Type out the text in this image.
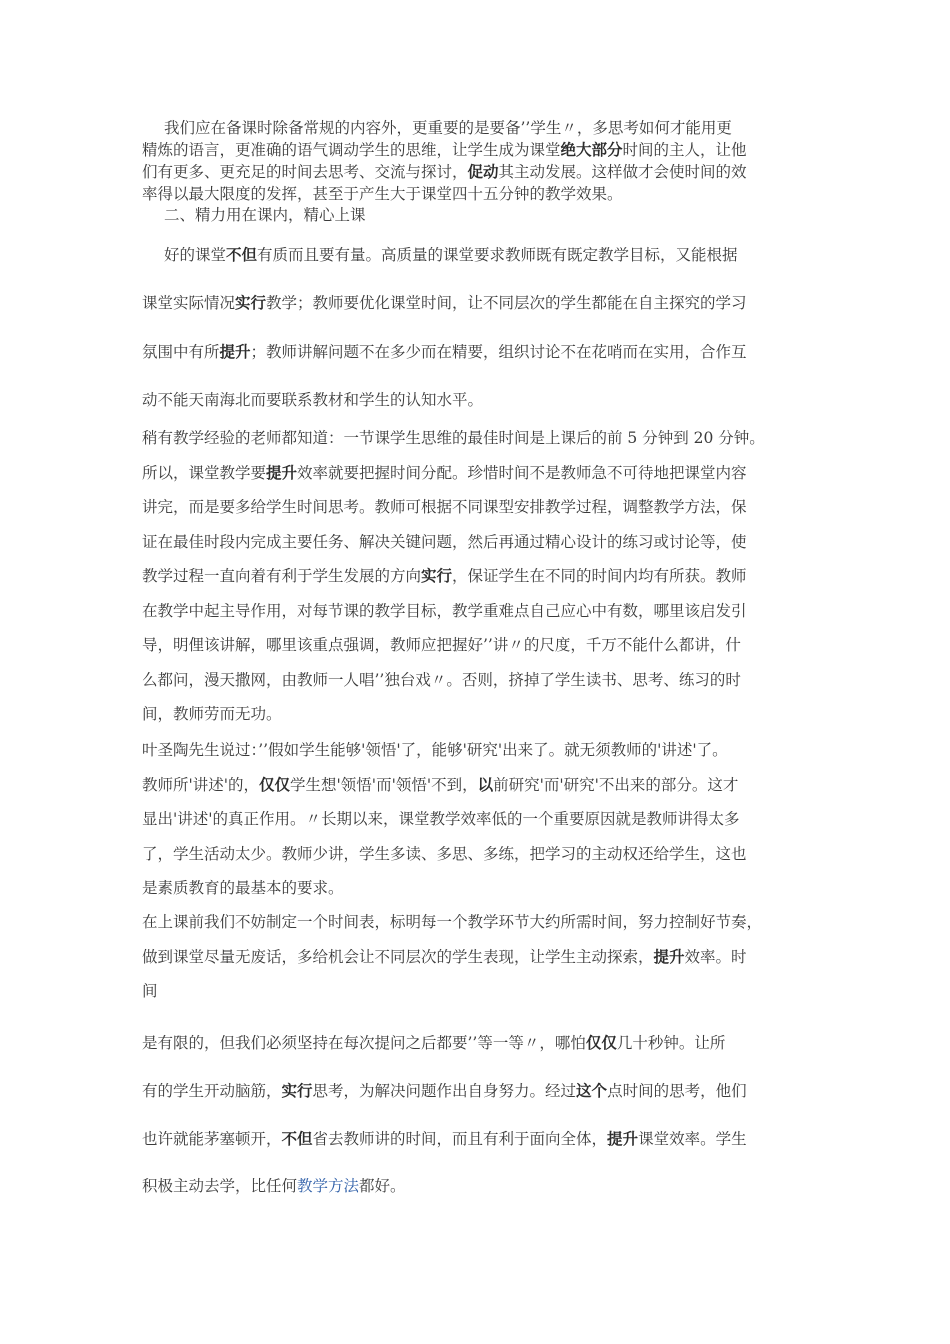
我们应在备课时除备常规的内容外，更重要的是要备’’学生〃，多思考如何才能用更
精炼的语言，更准确的语气调动学生的思维，让学生成为课堂绝大部分时间的主人，让他
们有更多、更充足的时间去思考、交流与探讨，促动其主动发展。这样做才会使时间的效
率得以最大限度的发挥，甚至于产生大于课堂四十五分钟的教学效果。
二、精力用在课内，精心上课
好的课堂不但有质而且要有量。高质量的课堂要求教师既有既定教学目标，又能根据
课堂实际情况实行教学；教师要优化课堂时间，让不同层次的学生都能在自主探究的学习
氛围中有所提升；教师讲解问题不在多少而在精要，组织讨论不在花哨而在实用，合作互
动不能天南海北而要联系教材和学生的认知水平。
稍有教学经验的老师都知道：一节课学生思维的最佳时间是上课后的前 5 分钟到 20 分钟。
所以，课堂教学要提升效率就要把握时间分配。珍惜时间不是教师急不可待地把课堂内容
讲完，而是要多给学生时间思考。教师可根据不同课型安排教学过程，调整教学方法，保
证在最佳时段内完成主要任务、解决关键问题，然后再通过精心设计的练习或讨论等，使
教学过程一直向着有利于学生发展的方向实行，保证学生在不同的时间内均有所获。教师
在教学中起主导作用，对每节课的教学目标，教学重难点自己应心中有数，哪里该启发引
导，明俚该讲解，哪里该重点强调，教师应把握好’’讲〃的尺度，千万不能什么都讲，什
么都问，漫天撒网，由教师一人唱’’独台戏〃。否则，挤掉了学生读书、思考、练习的时
间，教师劳而无功。
叶圣陶先生说过：’’假如学生能够'领悟'了，能够'研究'出来了。就无须教师的'讲述'了。
教师所'讲述'的，仅仅学生想'领悟'而'领悟'不到，以前研究'而'研究'不出来的部分。这才
显出'讲述'的真正作用。〃长期以来，课堂教学效率低的一个重要原因就是教师讲得太多
了，学生活动太少。教师少讲，学生多读、多思、多练，把学习的主动权还给学生，这也
是素质教育的最基本的要求。
在上课前我们不妨制定一个时间表，标明每一个教学环节大约所需时间，努力控制好节奏，
做到课堂尽量无废话，多给机会让不同层次的学生表现，让学生主动探索，提升效率。时
间
是有限的，但我们必须坚持在每次提问之后都要’’等一等〃，哪怕仅仅几十秒钟。让所
有的学生开动脑筋，实行思考，为解决问题作出自身努力。经过这个点时间的思考，他们
也许就能茅塞顿开，不但省去教师讲的时间，而且有利于面向全体，提升课堂效率。学生
积极主动去学，比任何教学方法都好。
